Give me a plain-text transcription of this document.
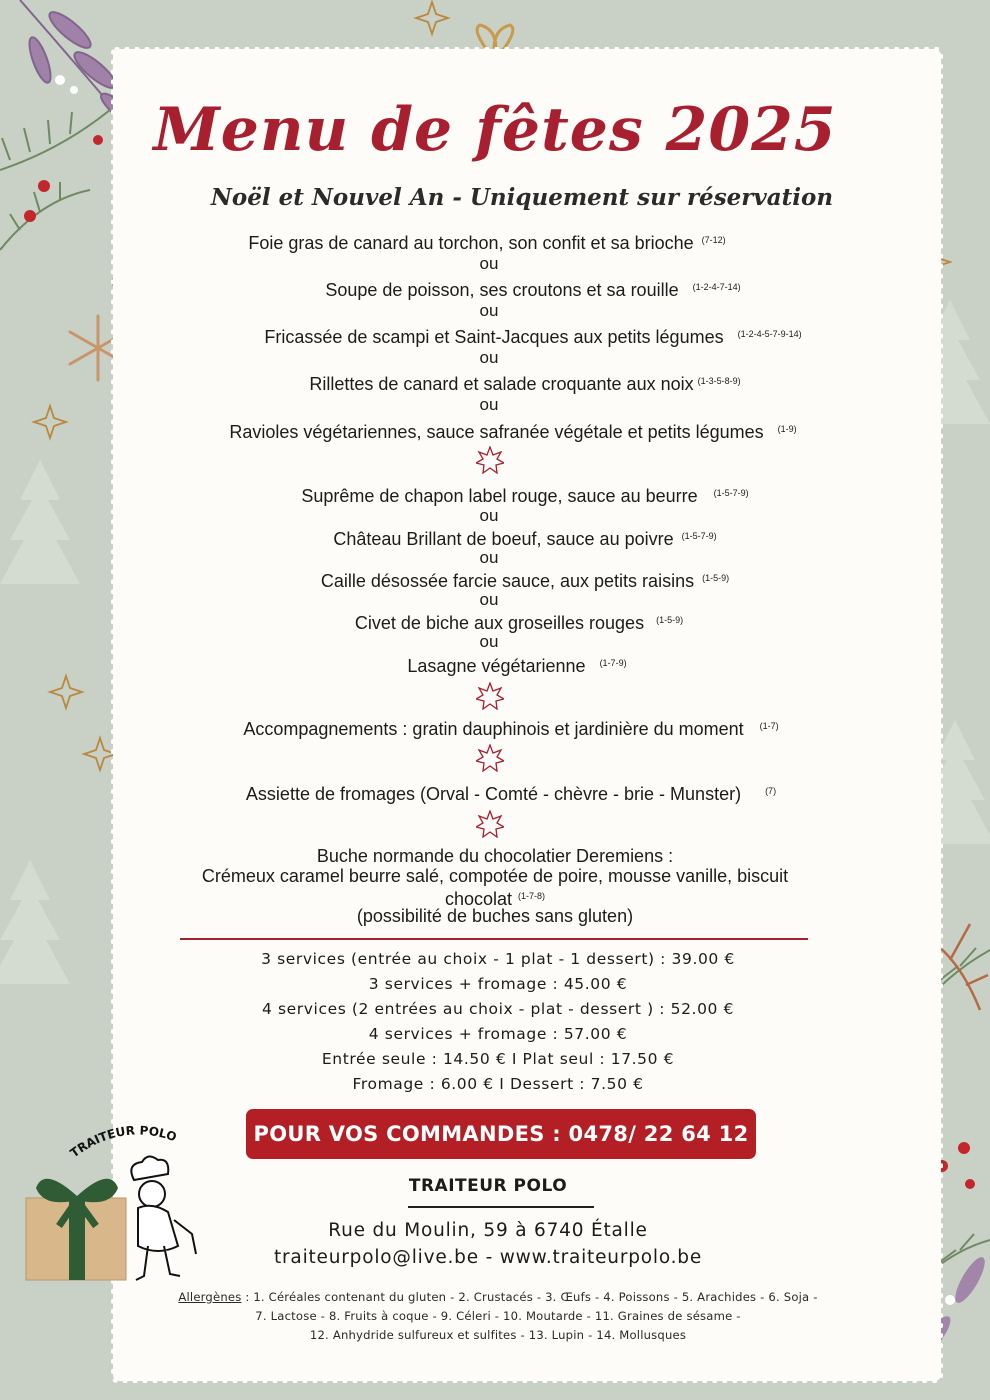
Menu de fêtes 2025
Noël et Nouvel An - Uniquement sur réservation
Foie gras de canard au torchon, son confit et sa brioche $^{(7-12)}$
ou
Soupe de poisson, ses croutons et sa rouille $^{(1-2-4-7-14)}$
ou
Fricassée de scampi et Saint-Jacques aux petits légumes $^{(1-2-4-5-7-9-14)}$
ou
Rillettes de canard et salade croquante aux noix $^{(1-3-5-8-9)}$
ou
Ravioles végétariennes, sauce safranée végétale et petits légumes $^{(1-9)}$
Suprême de chapon label rouge, sauce au beurre $^{(1-5-7-9)}$
ou
Château Brillant de boeuf, sauce au poivre $^{(1-5-7-9)}$
ou
Caille désossée farcie sauce, aux petits raisins $^{(1-5-9)}$
ou
Civet de biche aux groseilles rouges $^{(1-5-9)}$
ou
Lasagne végétarienne $^{(1-7-9)}$
Accompagnements : gratin dauphinois et jardinière du moment $^{(1-7)}$
Assiette de fromages (Orval - Comté - chèvre - brie - Munster)	$^{(7)}$
Buche normande du chocolatier Deremiens :
Crémeux caramel beurre salé, compotée de poire, mousse vanille, biscuit
chocolat $^{(1-7-8)}$
(possibilité de buches sans gluten)
3 services (entrée au choix - 1 plat - 1 dessert) : 39.00 €
3 services + fromage : 45.00 €
4 services (2 entrées au choix - plat - dessert ) : 52.00 €
4 services + fromage : 57.00 €
Entrée seule : 14.50 € I Plat seul : 17.50 €
Fromage : 6.00 € I Dessert : 7.50 €
POUR VOS COMMANDES : 0478/ 22 64 12
TRAITEUR POLO
Rue du Moulin, 59 à 6740 Étalle
traiteurpolo@live.be - www.traiteurpolo.be
Allergènes : 1. Céréales contenant du gluten - 2. Crustacés - 3. Œufs - 4. Poissons - 5. Arachides - 6. Soja -
7. Lactose - 8. Fruits à coque - 9. Céleri - 10. Moutarde - 11. Graines de sésame -
12. Anhydride sulfureux et sulfites - 13. Lupin - 14. Mollusques
TRAITEUR POLO
